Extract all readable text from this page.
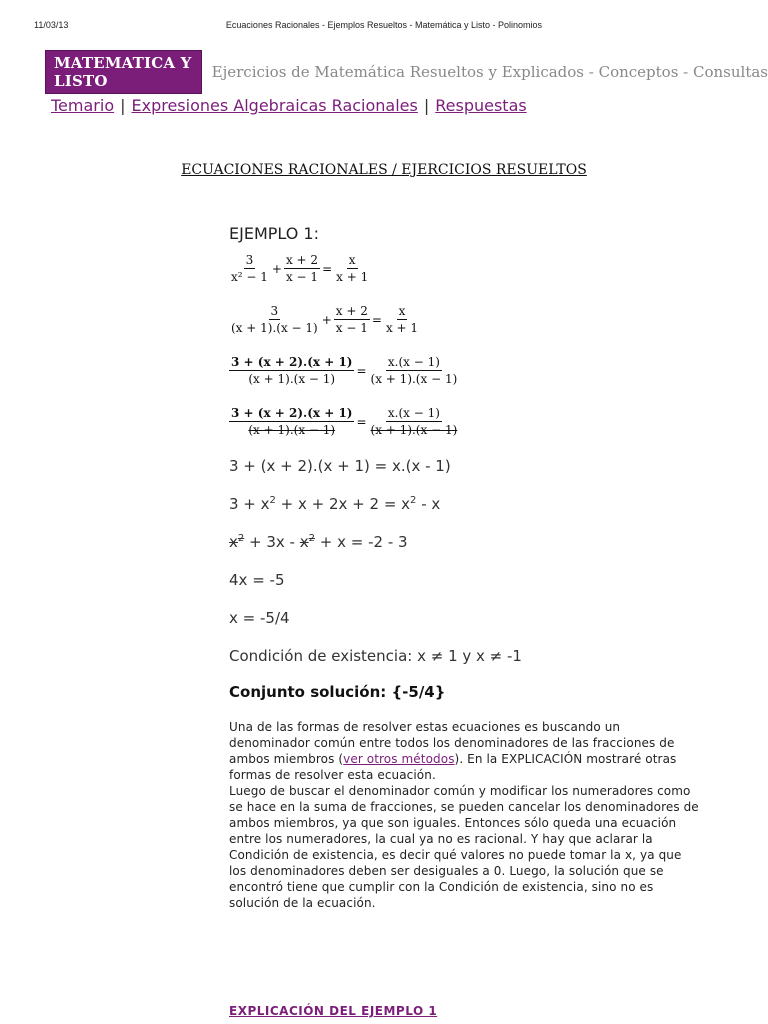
11/03/13	Ecuaciones Racionales - Ejemplos Resueltos - Matemática y Listo - Polinomios
MATEMATICA Y LISTO	Ejercicios de Matemática Resueltos y Explicados - Conceptos - Consultas
Temario | Expresiones Algebraicas Racionales | Respuestas
ECUACIONES RACIONALES / EJERCICIOS RESUELTOS

EJEMPLO 1:

$\frac{3}{\text{x² − 1}} + \frac{x + 2}{x - 1} = \frac{x}{x + 1}$
$\frac{3}{(x + 1).(x - 1)} + \frac{x + 2}{x - 1} = \frac{x}{x + 1}$
$\frac{3 + (x + 2).(x + 1)}{(x + 1).(x - 1)} = \frac{x.(x - 1)}{(x + 1).(x - 1)}$
$\frac{3 + (x + 2).(x + 1)}{(x + 1).(x - 1)} = \frac{x.(x - 1)}{(x + 1).(x - 1)}$
3 + (x + 2).(x + 1) = x.(x - 1)
$3 + x^2 + x + 2x + 2 = x^2 - x$
$x^2 + 3x - x^2 + x = -2 - 3$
4x = -5
x = -5/4
Condición de existencia: x ≠ 1 y x ≠ -1
Conjunto solución: {-5/4}
Una de las formas de resolver estas ecuaciones es buscando un denominador común entre todos los denominadores de las fracciones de ambos miembros (ver otros métodos). En la EXPLICACIÓN mostraré otras formas de resolver esta ecuación.
Luego de buscar el denominador común y modificar los numeradores como se hace en la suma de fracciones, se pueden cancelar los denominadores de ambos miembros, ya que son iguales. Entonces sólo queda una ecuación entre los numeradores, la cual ya no es racional. Y hay que aclarar la Condición de existencia, es decir qué valores no puede tomar la x, ya que los denominadores deben ser desiguales a 0. Luego, la solución que se encontró tiene que cumplir con la Condición de existencia, sino no es solución de la ecuación.
EXPLICACIÓN DEL EJEMPLO 1
